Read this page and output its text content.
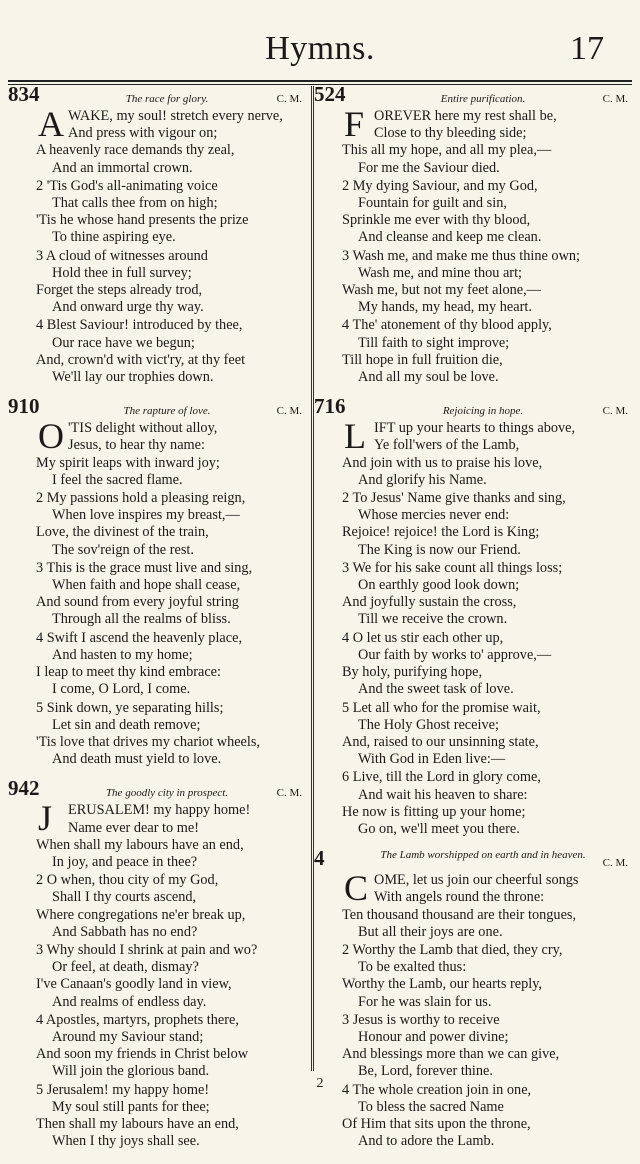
Hymns.	17
834	The race for glory.	C. M.
A WAKE, my soul! stretch every nerve,
And press with vigour on;
A heavenly race demands thy zeal,
And an immortal crown.
2 'Tis God's all-animating voice
That calls thee from on high;
'Tis he whose hand presents the prize
To thine aspiring eye.
3 A cloud of witnesses around
Hold thee in full survey;
Forget the steps already trod,
And onward urge thy way.
4 Blest Saviour! introduced by thee,
Our race have we begun;
And, crown'd with vict'ry, at thy feet
We'll lay our trophies down.
910	The rapture of love.	C. M.
O 'TIS delight without alloy,
Jesus, to hear thy name:
My spirit leaps with inward joy;
I feel the sacred flame.
2 My passions hold a pleasing reign,
When love inspires my breast,—
Love, the divinest of the train,
The sov'reign of the rest.
3 This is the grace must live and sing,
When faith and hope shall cease,
And sound from every joyful string
Through all the realms of bliss.
4 Swift I ascend the heavenly place,
And hasten to my home;
I leap to meet thy kind embrace:
I come, O Lord, I come.
5 Sink down, ye separating hills;
Let sin and death remove;
'Tis love that drives my chariot wheels,
And death must yield to love.
942	The goodly city in prospect.	C. M.
J	ERUSALEM! my happy home!
Name ever dear to me!
When shall my labours have an end,
In joy, and peace in thee?
2 O when, thou city of my God,
Shall I thy courts ascend,
Where congregations ne'er break up,
And Sabbath has no end?
3 Why should I shrink at pain and wo?
Or feel, at death, dismay?
I've Canaan's goodly land in view,
And realms of endless day.
4 Apostles, martyrs, prophets there,
Around my Saviour stand;
And soon my friends in Christ below
Will join the glorious band.
5 Jerusalem! my happy home!
My soul still pants for thee;
Then shall my labours have an end,
When I thy joys shall see.
524	Entire purification.	C. M.
F OREVER here my rest shall be,
Close to thy bleeding side;
This all my hope, and all my plea,—
For me the Saviour died.
2 My dying Saviour, and my God,
Fountain for guilt and sin,
Sprinkle me ever with thy blood,
And cleanse and keep me clean.
3 Wash me, and make me thus thine own;
Wash me, and mine thou art;
Wash me, but not my feet alone,—
My hands, my head, my heart.
4 The' atonement of thy blood apply,
Till faith to sight improve;
Till hope in full fruition die,
And all my soul be love.
716	Rejoicing in hope.	C. M.
L IFT up your hearts to things above,
Ye foll'wers of the Lamb,
And join with us to praise his love,
And glorify his Name.
2 To Jesus' Name give thanks and sing,
Whose mercies never end:
Rejoice! rejoice! the Lord is King;
The King is now our Friend.
3 We for his sake count all things loss;
On earthly good look down;
And joyfully sustain the cross,
Till we receive the crown.
4 O let us stir each other up,
Our faith by works to' approve,—
By holy, purifying hope,
And the sweet task of love.
5 Let all who for the promise wait,
The Holy Ghost receive;
And, raised to our unsinning state,
With God in Eden live:—
6 Live, till the Lord in glory come,
And wait his heaven to share:
He now is fitting up your home;
Go on, we'll meet you there.
4	The Lamb worshipped on earth and in heaven.
C. M.
C OME, let us join our cheerful songs
With angels round the throne:
Ten thousand thousand are their tongues,
But all their joys are one.
2 Worthy the Lamb that died, they cry,
To be exalted thus:
Worthy the Lamb, our hearts reply,
For he was slain for us.
3 Jesus is worthy to receive
Honour and power divine;
And blessings more than we can give,
Be, Lord, forever thine.
4 The whole creation join in one,
To bless the sacred Name
Of Him that sits upon the throne,
And to adore the Lamb.
2
